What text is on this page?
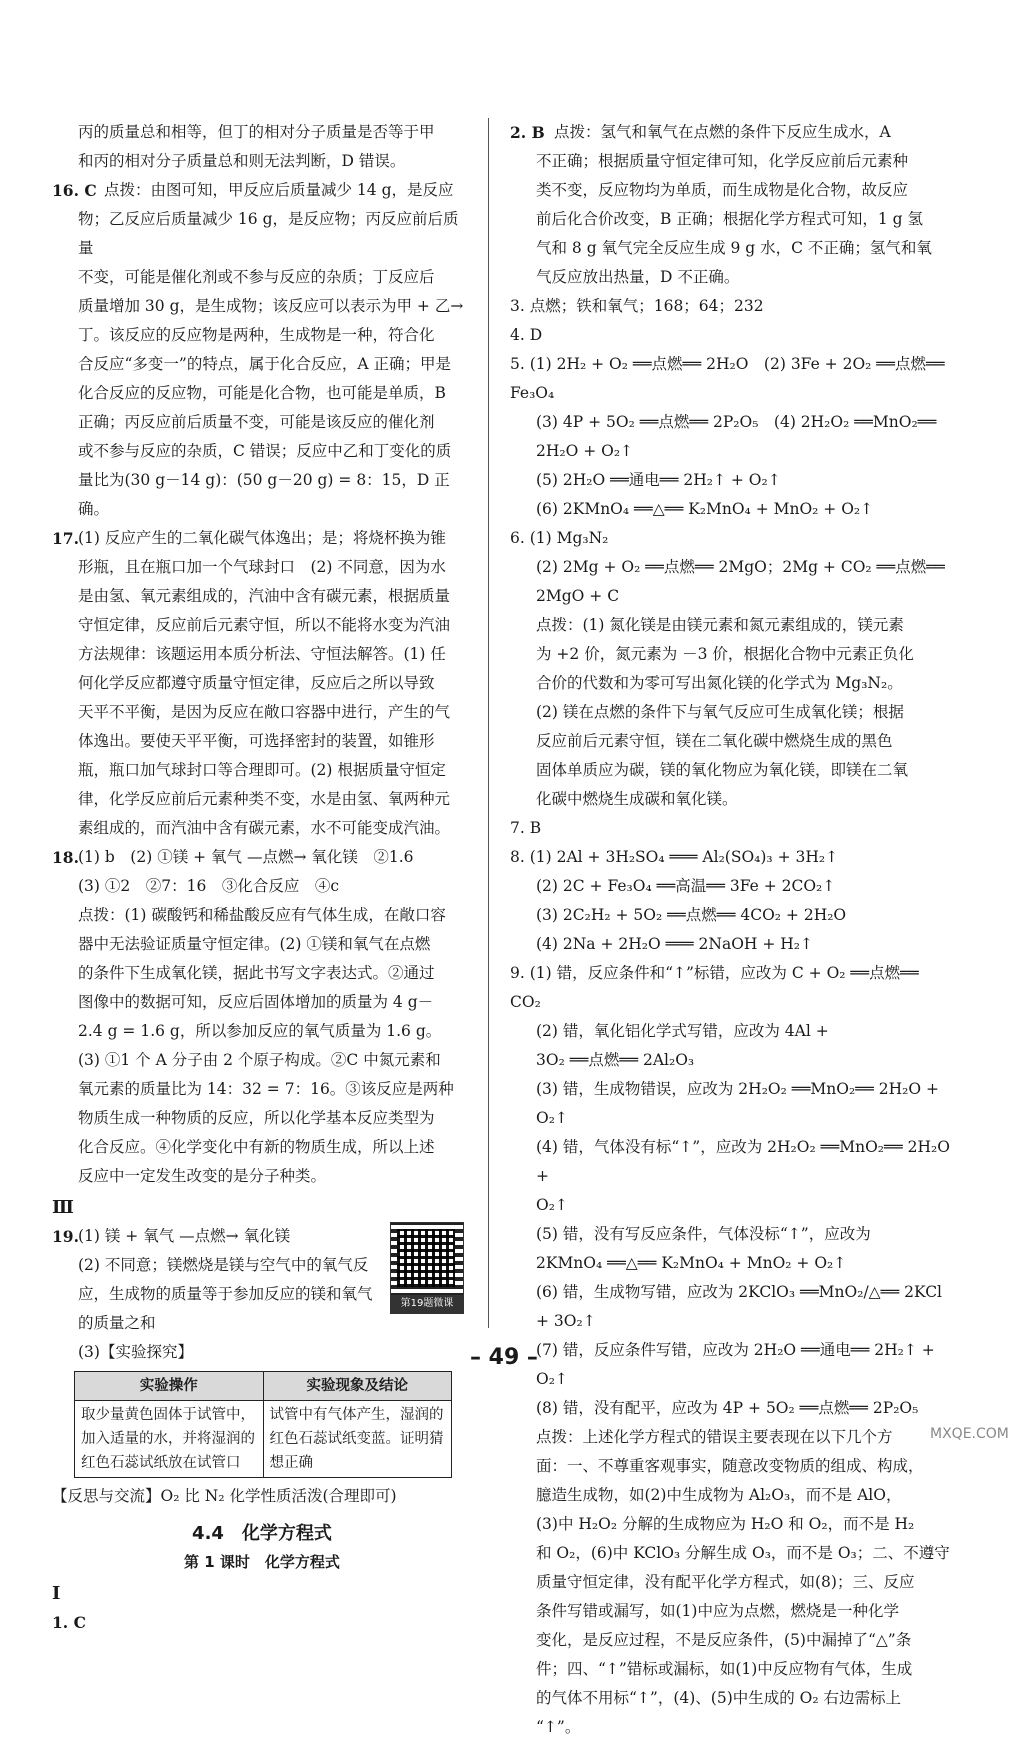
丙的质量总和相等，但丁的相对分子质量是否等于甲
和丙的相对分子质量总和则无法判断，D 错误。
16. C 点拨：由图可知，甲反应后质量减少 14 g，是反应
物；乙反应后质量减少 16 g，是反应物；丙反应前后质量
不变，可能是催化剂或不参与反应的杂质；丁反应后
质量增加 30 g，是生成物；该反应可以表示为甲 + 乙→
丁。该反应的反应物是两种，生成物是一种，符合化
合反应“多变一”的特点，属于化合反应，A 正确；甲是
化合反应的反应物，可能是化合物，也可能是单质，B
正确；丙反应前后质量不变，可能是该反应的催化剂
或不参与反应的杂质，C 错误；反应中乙和丁变化的质
量比为(30 g－14 g)：(50 g－20 g) = 8：15，D 正确。
17. (1) 反应产生的二氧化碳气体逸出；是；将烧杯换为锥
形瓶，且在瓶口加一个气球封口　(2) 不同意，因为水
是由氢、氧元素组成的，汽油中含有碳元素，根据质量
守恒定律，反应前后元素守恒，所以不能将水变为汽油
方法规律：该题运用本质分析法、守恒法解答。(1) 任
何化学反应都遵守质量守恒定律，反应后之所以导致
天平不平衡，是因为反应在敞口容器中进行，产生的气
体逸出。要使天平平衡，可选择密封的装置，如锥形
瓶，瓶口加气球封口等合理即可。(2) 根据质量守恒定
律，化学反应前后元素种类不变，水是由氢、氧两种元
素组成的，而汽油中含有碳元素，水不可能变成汽油。
18. (1) b　(2) ①镁 + 氧气 —点燃→ 氧化镁　②1.6
(3) ①2　②7：16　③化合反应　④c
点拨：(1) 碳酸钙和稀盐酸反应有气体生成，在敞口容
器中无法验证质量守恒定律。(2) ①镁和氧气在点燃
的条件下生成氧化镁，据此书写文字表达式。②通过
图像中的数据可知，反应后固体增加的质量为 4 g－
2.4 g = 1.6 g，所以参加反应的氧气质量为 1.6 g。
(3) ①1 个 A 分子由 2 个原子构成。②C 中氮元素和
氧元素的质量比为 14：32 = 7：16。③该反应是两种
物质生成一种物质的反应，所以化学基本反应类型为
化合反应。④化学变化中有新的物质生成，所以上述
反应中一定发生改变的是分子种类。
Ⅲ
19. (1) 镁 + 氧气 —点燃→ 氧化镁
(2) 不同意；镁燃烧是镁与空气中的氧气反
应，生成物的质量等于参加反应的镁和氧气
的质量之和
(3)【实验探究】
第19题微课
实验操作	实验现象及结论
取少量黄色固体于试管中，加入适量的水，并将湿润的红色石蕊试纸放在试管口	试管中有气体产生，湿润的红色石蕊试纸变蓝。证明猜想正确
【反思与交流】O₂ 比 N₂ 化学性质活泼(合理即可)
4.4　化学方程式
第 1 课时　化学方程式
Ⅰ
1. C
2. B 点拨：氢气和氧气在点燃的条件下反应生成水，A
不正确；根据质量守恒定律可知，化学反应前后元素种
类不变，反应物均为单质，而生成物是化合物，故反应
前后化合价改变，B 正确；根据化学方程式可知，1 g 氢
气和 8 g 氧气完全反应生成 9 g 水，C 不正确；氢气和氧
气反应放出热量，D 不正确。
3. 点燃；铁和氧气；168；64；232
4. D
5. (1) 2H₂ + O₂ ══点燃══ 2H₂O　(2) 3Fe + 2O₂ ══点燃══ Fe₃O₄
(3) 4P + 5O₂ ══点燃══ 2P₂O₅　(4) 2H₂O₂ ══MnO₂══ 2H₂O + O₂↑
(5) 2H₂O ══通电══ 2H₂↑ + O₂↑
(6) 2KMnO₄ ══△══ K₂MnO₄ + MnO₂ + O₂↑
6. (1) Mg₃N₂
(2) 2Mg + O₂ ══点燃══ 2MgO；2Mg + CO₂ ══点燃══ 2MgO + C
点拨：(1) 氮化镁是由镁元素和氮元素组成的，镁元素
为 +2 价，氮元素为 －3 价，根据化合物中元素正负化
合价的代数和为零可写出氮化镁的化学式为 Mg₃N₂。
(2) 镁在点燃的条件下与氧气反应可生成氧化镁；根据
反应前后元素守恒，镁在二氧化碳中燃烧生成的黑色
固体单质应为碳，镁的氧化物应为氧化镁，即镁在二氧
化碳中燃烧生成碳和氧化镁。
7. B
8. (1) 2Al + 3H₂SO₄ ═══ Al₂(SO₄)₃ + 3H₂↑
(2) 2C + Fe₃O₄ ══高温══ 3Fe + 2CO₂↑
(3) 2C₂H₂ + 5O₂ ══点燃══ 4CO₂ + 2H₂O
(4) 2Na + 2H₂O ═══ 2NaOH + H₂↑
9. (1) 错，反应条件和“↑”标错，应改为 C + O₂ ══点燃══ CO₂
(2) 错，氧化铝化学式写错，应改为 4Al +
3O₂ ══点燃══ 2Al₂O₃
(3) 错，生成物错误，应改为 2H₂O₂ ══MnO₂══ 2H₂O + O₂↑
(4) 错，气体没有标“↑”，应改为 2H₂O₂ ══MnO₂══ 2H₂O +
O₂↑
(5) 错，没有写反应条件，气体没标“↑”，应改为
2KMnO₄ ══△══ K₂MnO₄ + MnO₂ + O₂↑
(6) 错，生成物写错，应改为 2KClO₃ ══MnO₂/△══ 2KCl + 3O₂↑
(7) 错，反应条件写错，应改为 2H₂O ══通电══ 2H₂↑ + O₂↑
(8) 错，没有配平，应改为 4P + 5O₂ ══点燃══ 2P₂O₅
点拨：上述化学方程式的错误主要表现在以下几个方
面：一、不尊重客观事实，随意改变物质的组成、构成，
臆造生成物，如(2)中生成物为 Al₂O₃，而不是 AlO，
(3)中 H₂O₂ 分解的生成物应为 H₂O 和 O₂，而不是 H₂
和 O₂，(6)中 KClO₃ 分解生成 O₃，而不是 O₃；二、不遵守
质量守恒定律，没有配平化学方程式，如(8)；三、反应
条件写错或漏写，如(1)中应为点燃，燃烧是一种化学
变化，是反应过程，不是反应条件，(5)中漏掉了“△”条
件；四、“↑”错标或漏标，如(1)中反应物有气体，生成
的气体不用标“↑”，(4)、(5)中生成的 O₂ 右边需标上
“↑”。
– 49 –
MXQE.COM
